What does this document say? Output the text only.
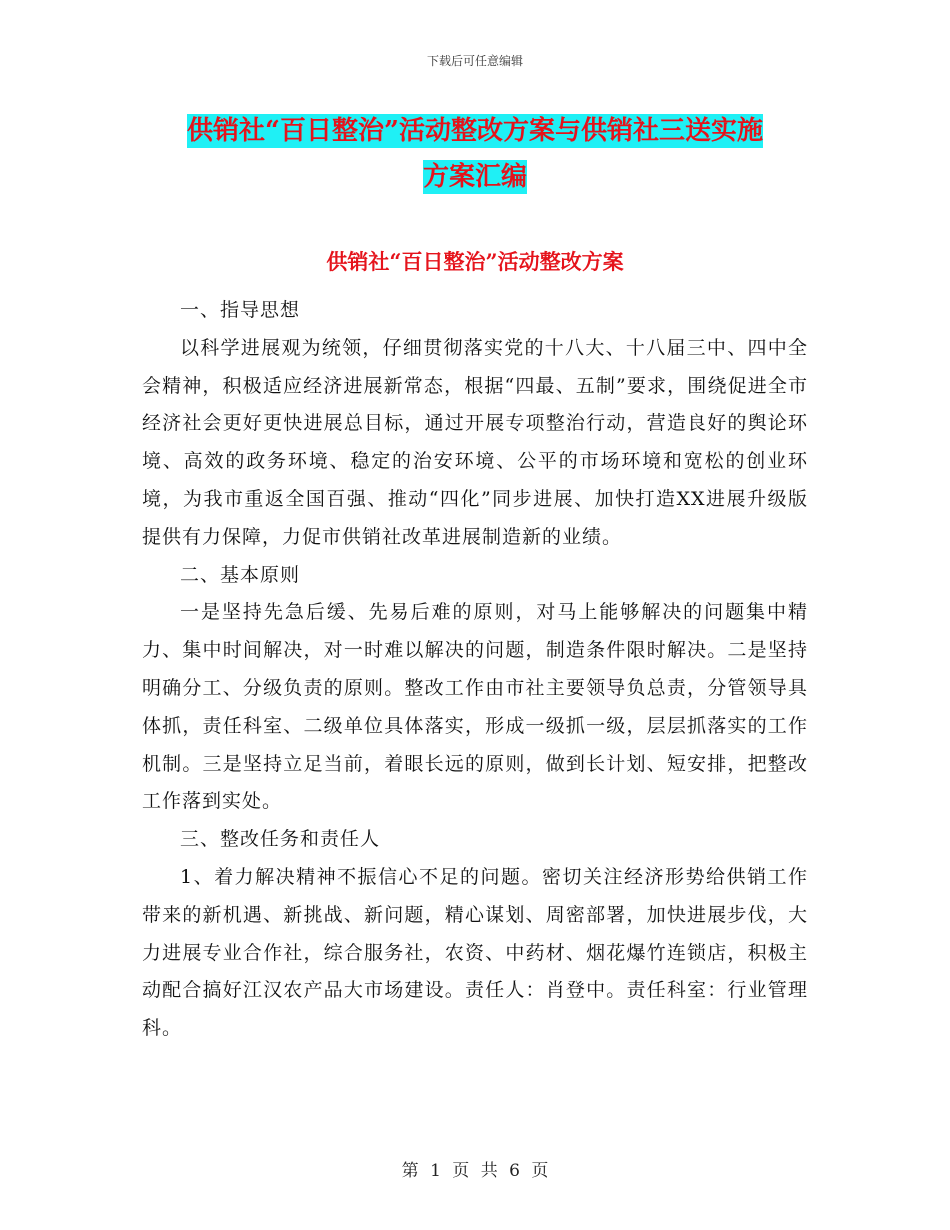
下载后可任意编辑
供销社“百日整治”活动整改方案与供销社三送实施
方案汇编
供销社“百日整治”活动整改方案

一、指导思想

以科学进展观为统领，仔细贯彻落实党的十八大、十八届三中、四中全会精神，积极适应经济进展新常态，根据“四最、五制”要求，围绕促进全市经济社会更好更快进展总目标，通过开展专项整治行动，营造良好的舆论环境、高效的政务环境、稳定的治安环境、公平的市场环境和宽松的创业环境，为我市重返全国百强、推动“四化”同步进展、加快打造XX进展升级版提供有力保障，力促市供销社改革进展制造新的业绩。

二、基本原则

一是坚持先急后缓、先易后难的原则，对马上能够解决的问题集中精力、集中时间解决，对一时难以解决的问题，制造条件限时解决。二是坚持明确分工、分级负责的原则。整改工作由市社主要领导负总责，分管领导具体抓，责任科室、二级单位具体落实，形成一级抓一级，层层抓落实的工作机制。三是坚持立足当前，着眼长远的原则，做到长计划、短安排，把整改工作落到实处。

三、整改任务和责任人

1、着力解决精神不振信心不足的问题。密切关注经济形势给供销工作带来的新机遇、新挑战、新问题，精心谋划、周密部署，加快进展步伐，大力进展专业合作社，综合服务社，农资、中药材、烟花爆竹连锁店，积极主动配合搞好江汉农产品大市场建设。责任人：肖登中。责任科室：行业管理科。

第 1 页 共 6 页
